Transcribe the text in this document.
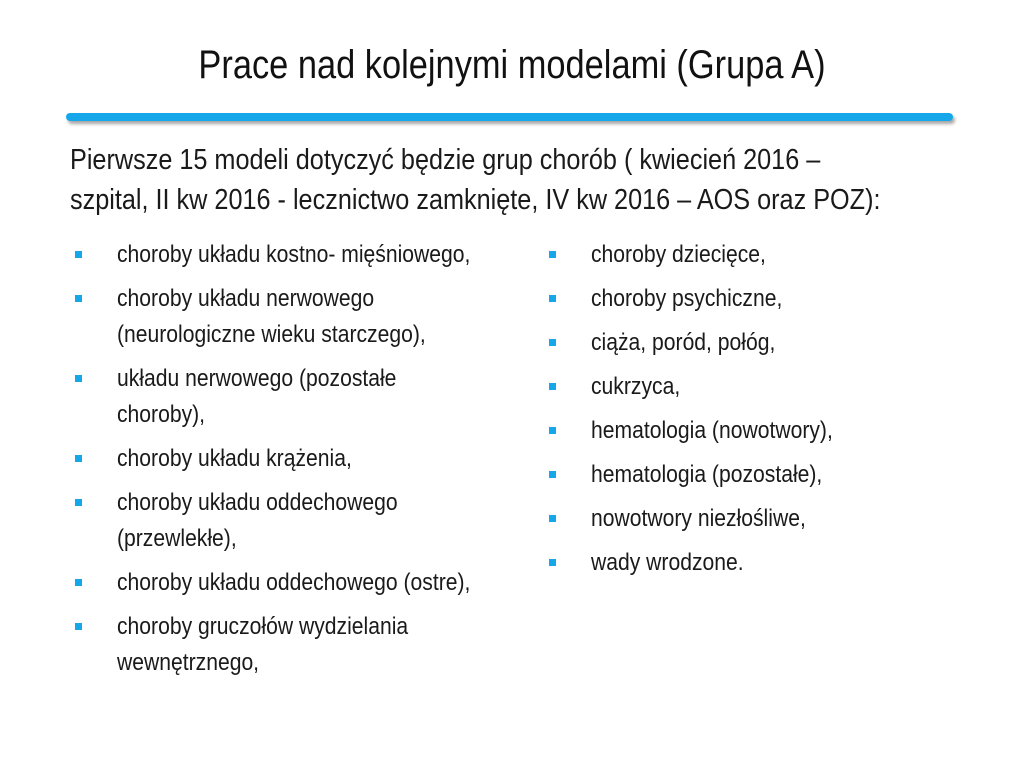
Prace nad kolejnymi modelami (Grupa A)

Pierwsze 15 modeli dotyczyć będzie grup chorób ( kwiecień 2016 –

szpital, II kw 2016 - lecznictwo zamknięte, IV kw 2016 – AOS oraz POZ):

choroby układu kostno- mięśniowego,
choroby układu nerwowego
(neurologiczne wieku starczego),
układu nerwowego (pozostałe
choroby),
choroby układu krążenia,
choroby układu oddechowego
(przewlekłe),
choroby układu oddechowego (ostre),
choroby gruczołów wydzielania
wewnętrznego,
choroby dziecięce,
choroby psychiczne,
ciąża, poród, połóg,
cukrzyca,
hematologia (nowotwory),
hematologia (pozostałe),
nowotwory niezłośliwe,
wady wrodzone.
